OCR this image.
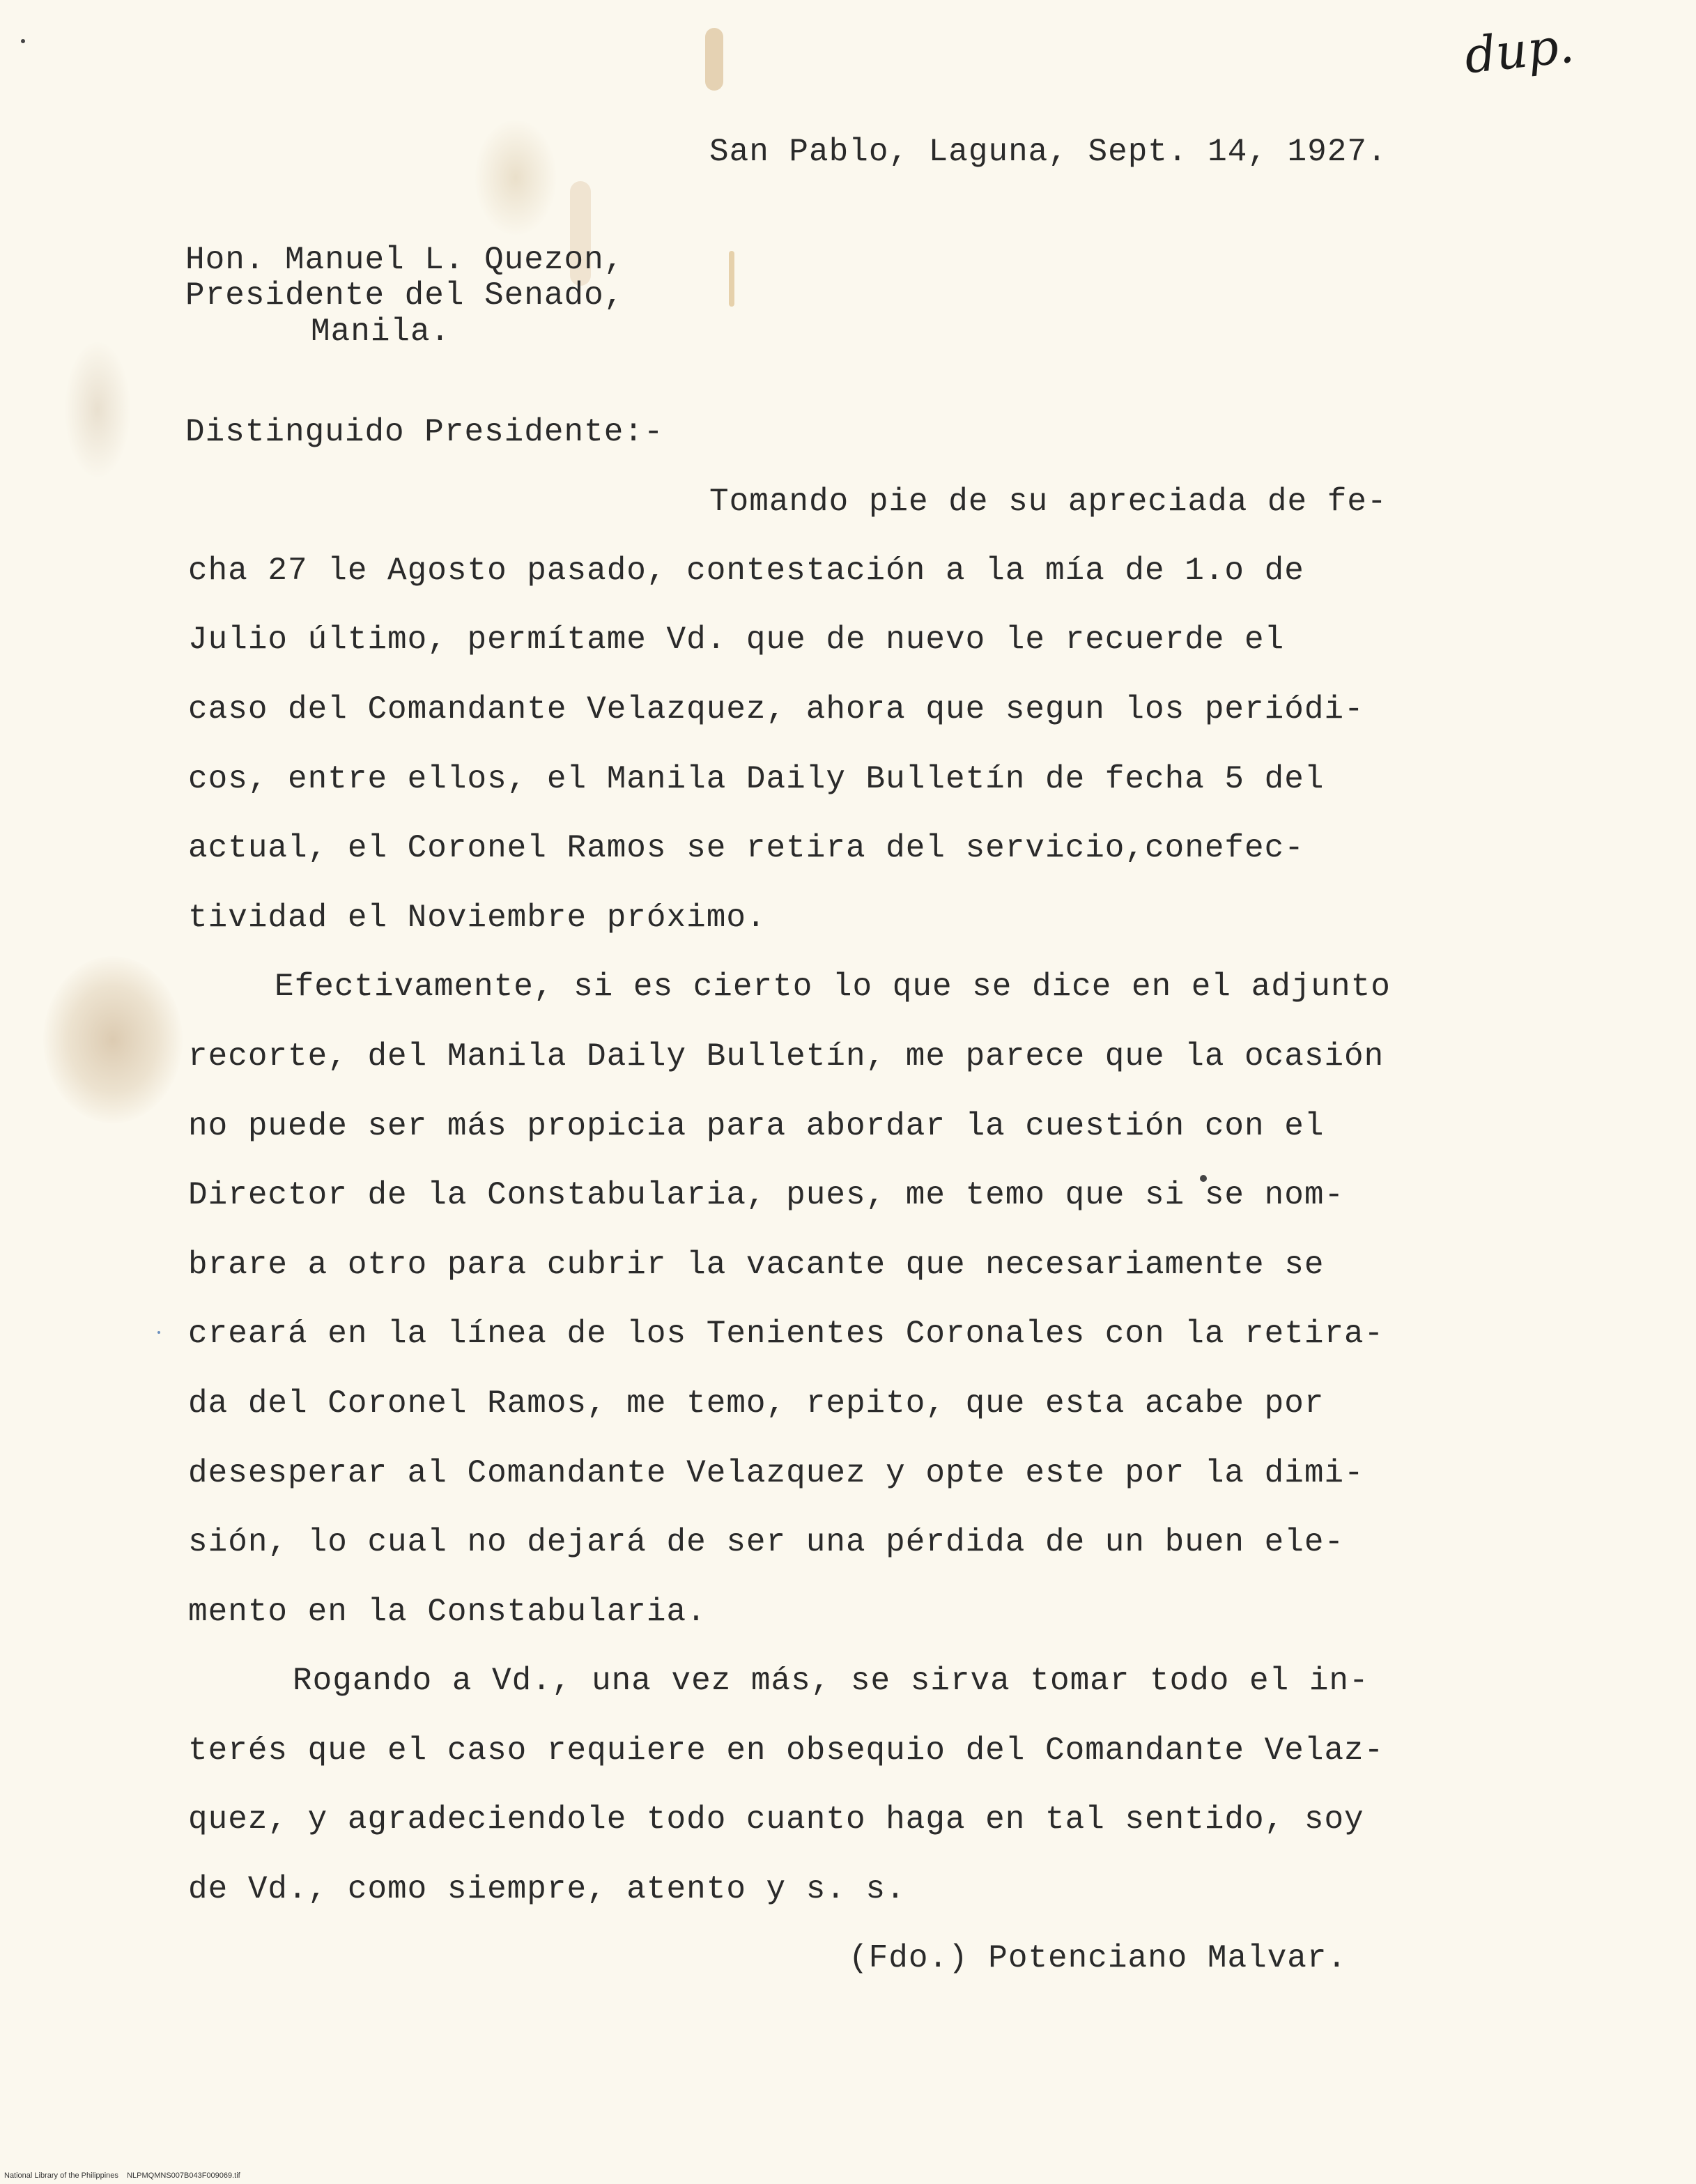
dup.
San Pablo, Laguna, Sept. 14, 1927.
Hon. Manuel L. Quezon,
Presidente del Senado,
Manila.
Distinguido Presidente:-
Tomando pie de su apreciada de fe-
cha 27 le Agosto pasado, contestación a la mía de 1.o de
Julio último, permítame Vd. que de nuevo le recuerde el
caso del Comandante Velazquez, ahora que segun los periódi-
cos, entre ellos, el Manila Daily Bulletín de fecha 5 del
actual, el Coronel Ramos se retira del servicio,conefec-
tividad el Noviembre próximo.
Efectivamente, si es cierto lo que se dice en el adjunto
recorte, del Manila Daily Bulletín, me parece que la ocasión
no puede ser más propicia para abordar la cuestión con el
Director de la Constabularia, pues, me temo que si se nom-
brare a otro para cubrir la vacante que necesariamente se
creará en la línea de los Tenientes Coronales con la retira-
da del Coronel Ramos, me temo, repito, que esta acabe por
desesperar al Comandante Velazquez y opte este por la dimi-
sión, lo cual no dejará de ser una pérdida de un buen ele-
mento en la Constabularia.
Rogando a Vd., una vez más, se sirva tomar todo el in-
terés que el caso requiere en obsequio del Comandante Velaz-
quez, y agradeciendole todo cuanto haga en tal sentido, soy
de Vd., como siempre, atento y s. s.
(Fdo.) Potenciano Malvar.
National Library of the Philippines    NLPMQMNS007B043F009069.tif
